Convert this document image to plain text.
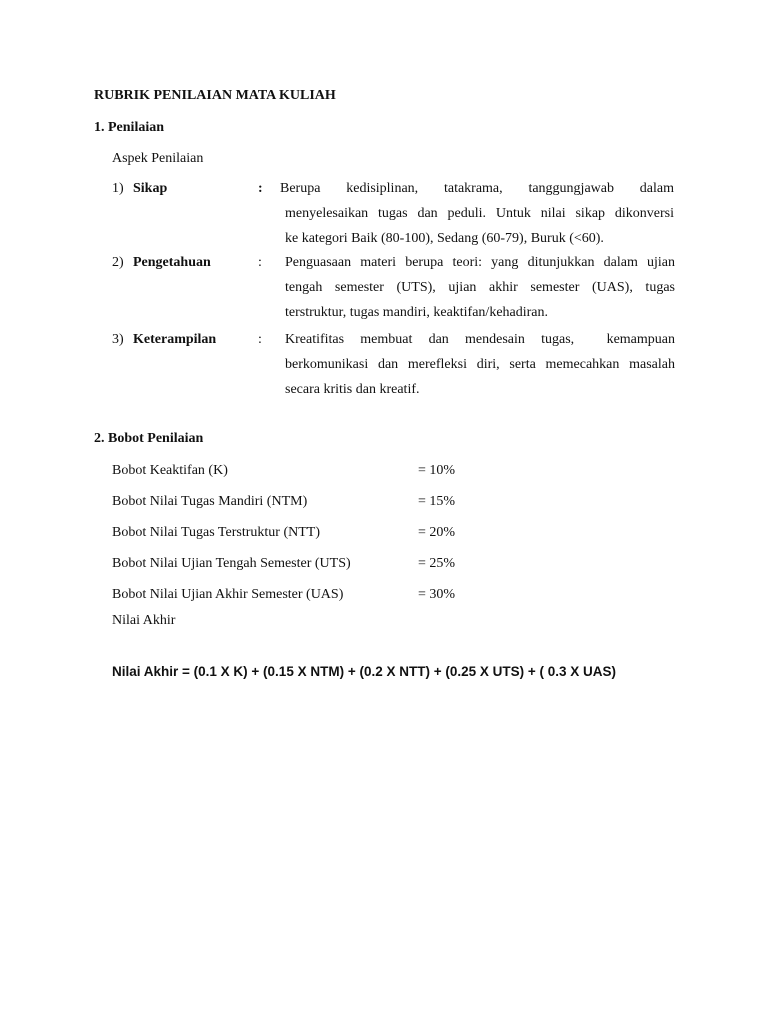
RUBRIK PENILAIAN MATA KULIAH
1. Penilaian
Aspek Penilaian
1) Sikap	: Berupa kedisiplinan, tatakrama, tanggungjawab dalam
menyelesaikan tugas dan peduli. Untuk nilai sikap dikonversi
ke kategori Baik (80-100), Sedang (60-79), Buruk (<60).
2) Pengetahuan	: Penguasaan materi berupa teori: yang ditunjukkan dalam ujian
tengah semester (UTS), ujian akhir semester (UAS), tugas
terstruktur, tugas mandiri, keaktifan/kehadiran.
3) Keterampilan	: Kreatifitas membuat dan mendesain tugas,  kemampuan
berkomunikasi dan merefleksi diri, serta memecahkan masalah
secara kritis dan kreatif.
2. Bobot Penilaian
Bobot Keaktifan (K)	= 10%
Bobot Nilai Tugas Mandiri (NTM)	= 15%
Bobot Nilai Tugas Terstruktur (NTT)	= 20%
Bobot Nilai Ujian Tengah Semester (UTS)	= 25%
Bobot Nilai Ujian Akhir Semester (UAS)	= 30%
Nilai Akhir
Nilai Akhir = (0.1 X K) + (0.15 X NTM) + (0.2 X NTT) + (0.25 X UTS) + ( 0.3 X UAS)
